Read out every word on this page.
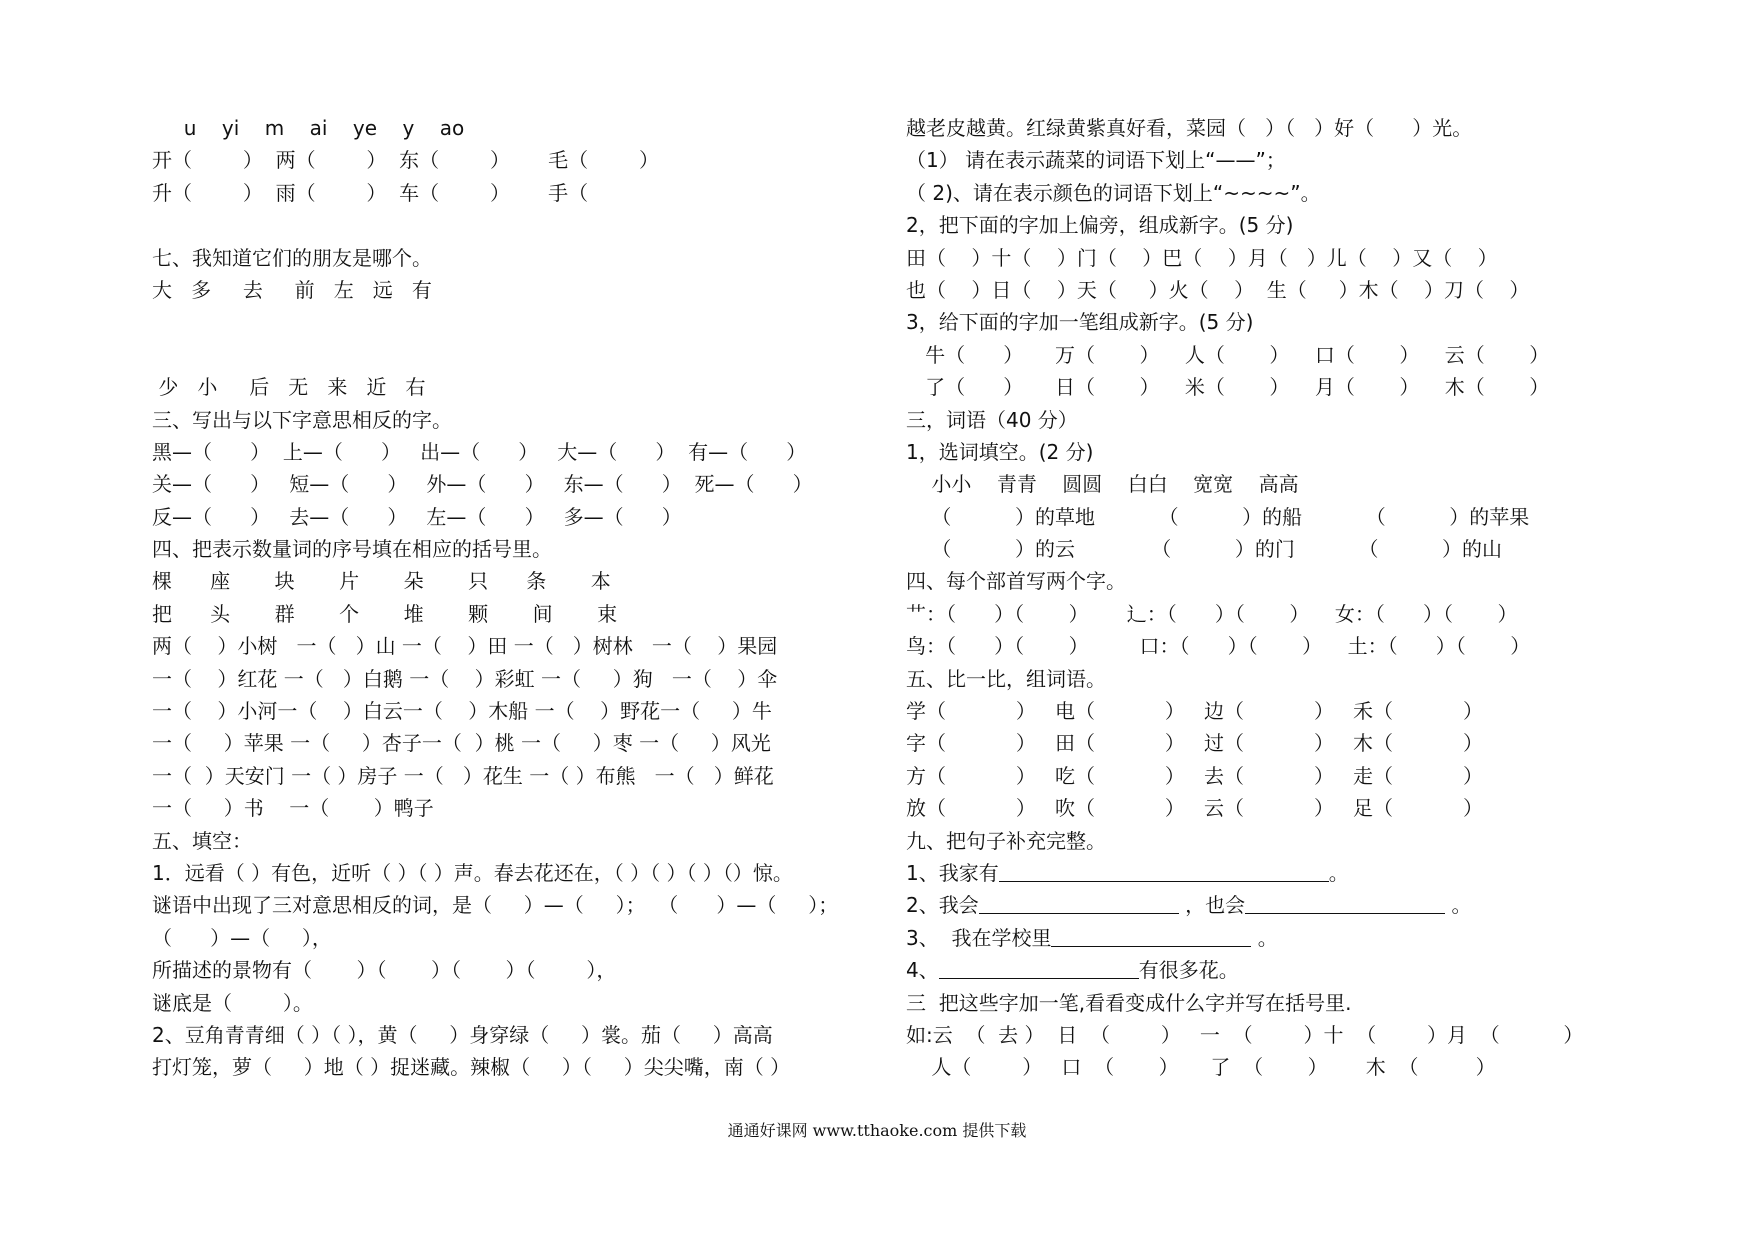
u    yi    m    ai    ye    y    ao
开（        ）  两（        ）  东（        ）      毛（        ）
升（        ）  雨（        ）  车（        ）      手（
七、我知道它们的朋友是哪个。
大   多     去     前   左   远   有
少   小     后   无   来   近   右
三、写出与以下字意思相反的字。
黑—（      ）  上—（      ）   出—（      ）   大—（      ）  有—（      ）
关—（      ）   短—（      ）   外—（      ）   东—（      ）  死—（      ）
反—（      ）   去—（      ）   左—（      ）   多—（      ）
四、把表示数量词的序号填在相应的括号里。
棵      座       块       片       朵       只      条       本
把      头       群       个       堆       颗       间       束
两（    ）小树   一（   ）山 一（    ）田 一（   ）树林   一（    ）果园
一（    ）红花 一（   ）白鹅 一（    ）彩虹 一（     ）狗   一（    ）伞
一（    ）小河一（    ）白云一（    ）木船 一（    ）野花一（     ）牛
一（     ）苹果 一（     ）杏子一（  ）桃 一（     ）枣 一（     ）风光
一（  ）天安门 一（ ）房子 一（   ）花生 一（ ）布熊   一（   ）鲜花
一（     ）书    一（       ）鸭子
五、填空：
1．远看（ ）有色，近听（ ）（ ）声。春去花还在，（ ）（ ）（ ）（）惊。
谜语中出现了三对意思相反的词，是（     ）—（     ）；  （      ）—（     ）；
（      ）—（     ），
所描述的景物有（       ）（       ）（       ）（        ），
谜底是（        ）。
2、豆角青青细（ ）（ ），黄（     ）身穿绿（     ）裳。茄（     ）高高
打灯笼，萝（     ）地（ ）捉迷藏。辣椒（     ）（     ）尖尖嘴，南（ ）
越老皮越黄。红绿黄紫真好看，菜园（   ）（   ）好（      ）光。
（1） 请在表示蔬菜的词语下划上“——”；
（ 2)、请在表示颜色的词语下划上“~~~~”。
2，把下面的字加上偏旁，组成新字。(5 分)
田（    ）十（    ）门（    ）巴（    ）月（   ）儿（    ）又（    ）
也（    ）日（    ）天（     ）火（    ）  生（     ）木（    ）刀（    ）
3，给下面的字加一笔组成新字。(5 分)
牛（      ）     万（       ）    人（       ）    口（       ）    云（       ）
了（      ）     日（       ）    米（       ）    月（       ）    木（       ）
三，词语（40 分）
1，选词填空。(2 分)
小小    青青    圆圆    白白    宽宽    高高
（          ）的草地          （          ）的船          （          ）的苹果
（          ）的云            （          ）的门          （          ）的山
四、每个部首写两个字。
艹：（      ）（       ）      辶：（      ）（       ）    女：（      ）（       ）
鸟：（      ）（       ）        口：（      ）（       ）    土：（      ）（       ）
五、比一比，组词语。
学（           ）   电（           ）   边（           ）   禾（           ）
字（           ）   田（           ）   过（           ）   木（           ）
方（           ）   吃（           ）   去（           ）   走（           ）
放（           ）   吹（           ）   云（           ）   足（           ）
九、把句子补充完整。
1、我家有	。
2、我会	，也会	。
3、  我在学校里	。
4、	有很多花。
三  把这些字加一笔,看看变成什么字并写在括号里.
如:云  （  去 ）  日  （        ）   一  （        ）十  （        ）月  （          ）
人（        ）   口  （       ）     了  （       ）      木  （         ）
通通好课网 www.tthaoke.com 提供下载
